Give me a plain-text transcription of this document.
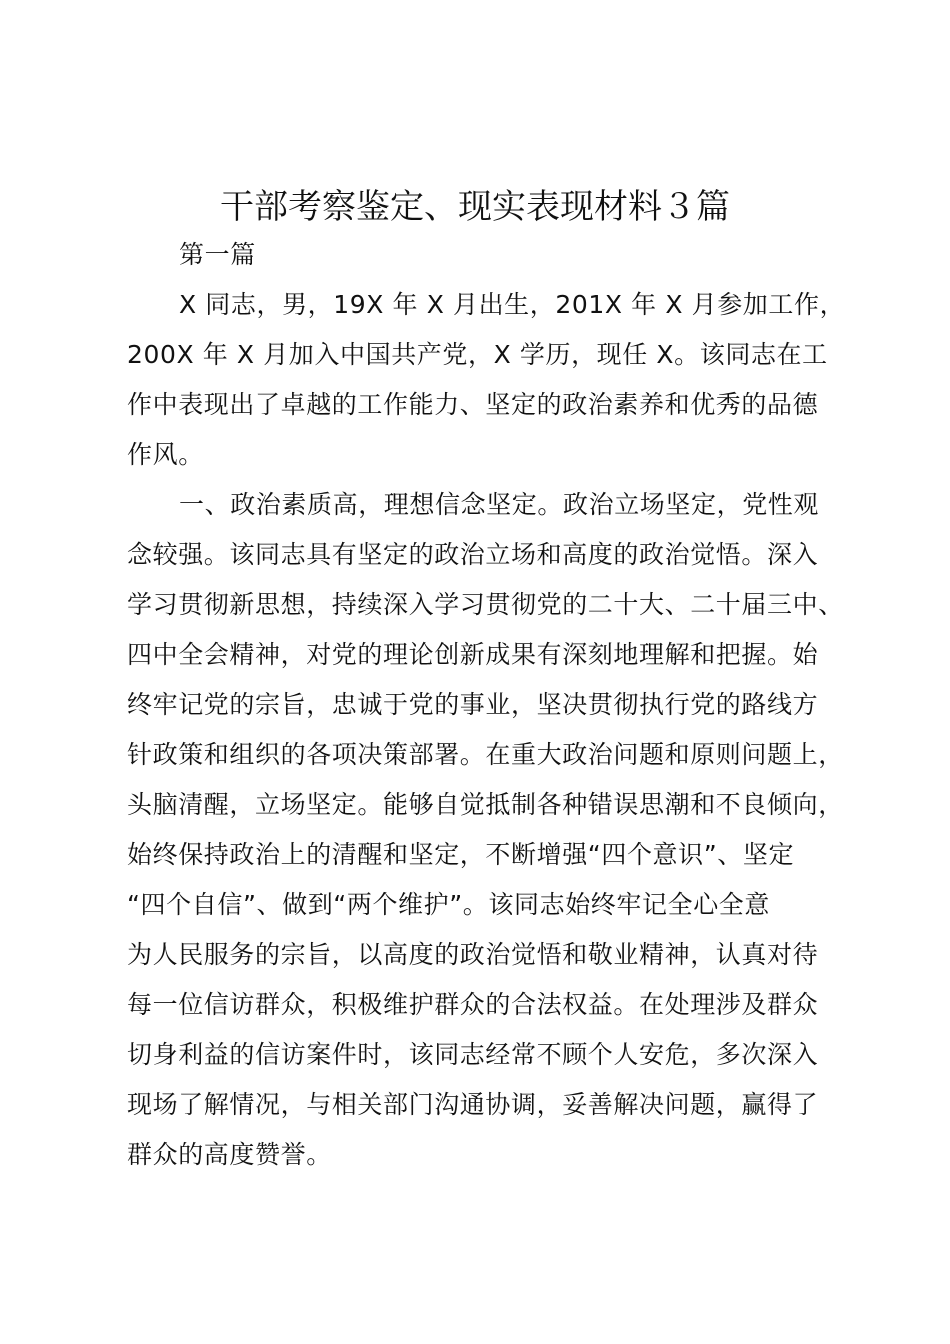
干部考察鉴定、现实表现材料３篇
第一篇
X 同志，男，19X 年 X 月出生，201X 年 X 月参加工作，
200X 年 X 月加入中国共产党，X 学历，现任 X。该同志在工
作中表现出了卓越的工作能力、坚定的政治素养和优秀的品德
作风。
一、政治素质高，理想信念坚定。政治立场坚定，党性观
念较强。该同志具有坚定的政治立场和高度的政治觉悟。深入
学习贯彻新思想，持续深入学习贯彻党的二十大、二十届三中、
四中全会精神，对党的理论创新成果有深刻地理解和把握。始
终牢记党的宗旨，忠诚于党的事业，坚决贯彻执行党的路线方
针政策和组织的各项决策部署。在重大政治问题和原则问题上，
头脑清醒，立场坚定。能够自觉抵制各种错误思潮和不良倾向，
始终保持政治上的清醒和坚定，不断增强“四个意识”、坚定
“四个自信”、做到“两个维护”。该同志始终牢记全心全意
为人民服务的宗旨，以高度的政治觉悟和敬业精神，认真对待
每一位信访群众，积极维护群众的合法权益。在处理涉及群众
切身利益的信访案件时，该同志经常不顾个人安危，多次深入
现场了解情况，与相关部门沟通协调，妥善解决问题，赢得了
群众的高度赞誉。
